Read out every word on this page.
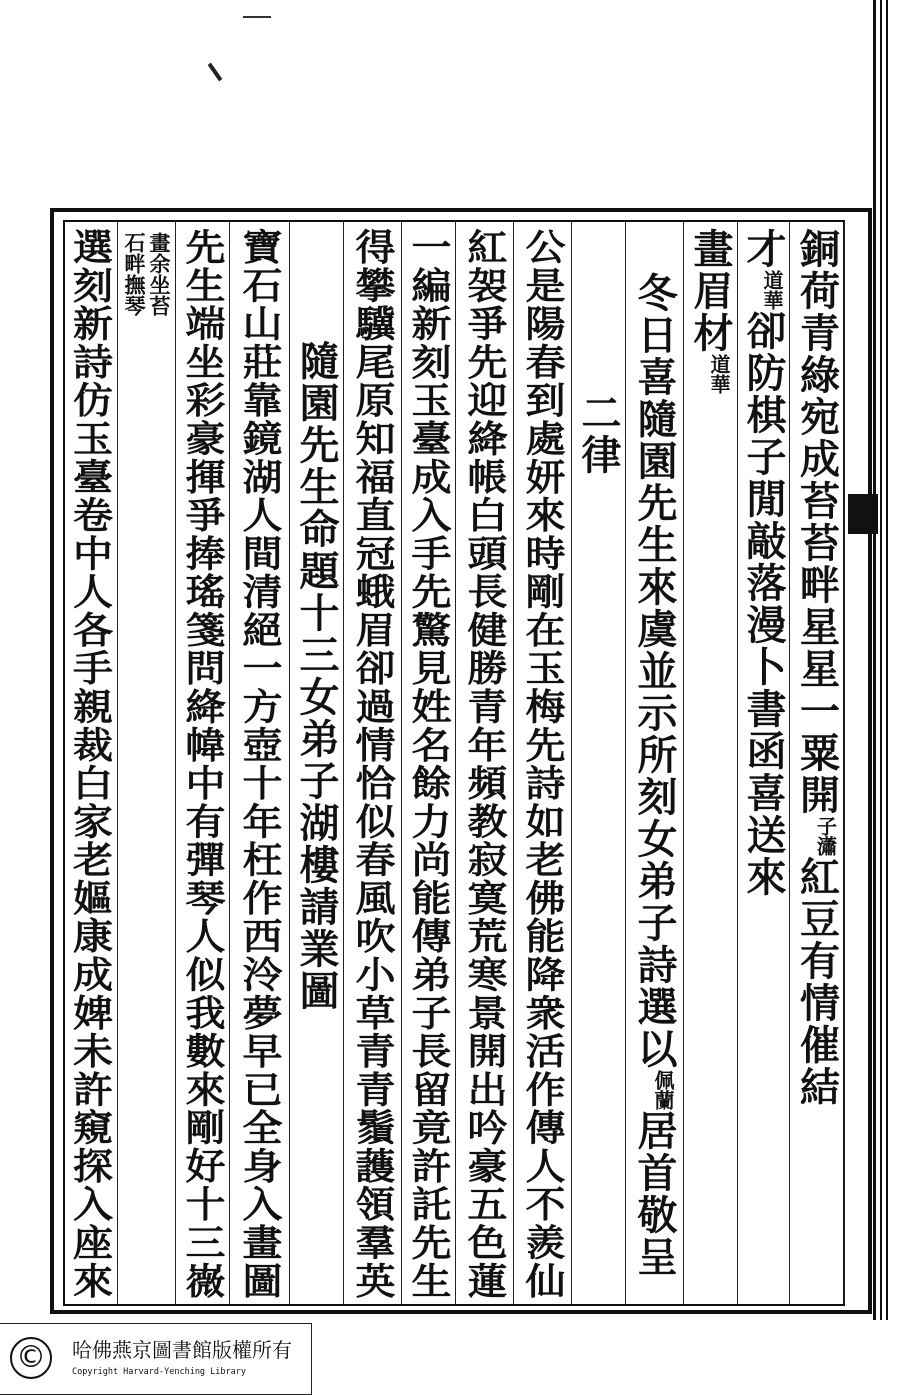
銅荷青綠宛成苔苔畔星星一粟開子瀟紅豆有情催結
才道華卻防棋子閒敲落漫卜書函喜送來
畫眉材道華
冬日喜隨園先生來虞並示所刻女弟子詩選以佩蘭居首敬呈
二律
公是陽春到處妍來時剛在玉梅先詩如老佛能降衆活作傳人不羨仙
紅袈爭先迎絳帳白頭長健勝青年頻教寂寞荒寒景開出吟豪五色蓮
一編新刻玉臺成入手先驚見姓名餘力尚能傳弟子長留竟許託先生
得攀驥尾原知福直冠蛾眉卻過情恰似春風吹小草青青鬚䕶領羣英
隨園先生命題十三女弟子湖樓請業圖
寶石山莊靠鏡湖人間清絕一方壺十年枉作西泠夢早已全身入畫圖
先生端坐彩豪揮爭捧瑤箋問絳幃中有彈琴人似我數來剛好十三嶶
畫余坐苔
石畔撫琴
選刻新詩仿玉臺卷中人各手親裁白家老嫗康成婢未許窺探入座來
©	哈佛燕京圖書館版權所有
Copyright Harvard-Yenching Library
